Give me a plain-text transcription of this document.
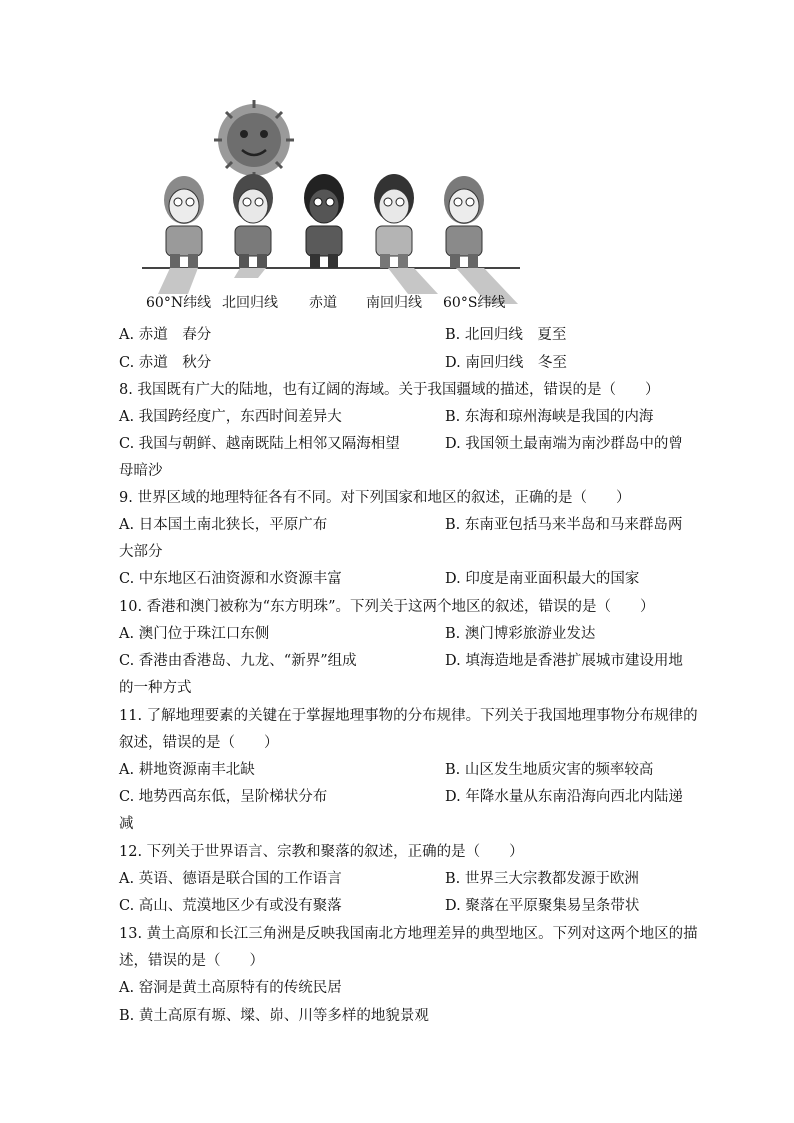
60°N纬线 北回归线 赤道 南回归线 60°S纬线
A. 赤道　春分	B. 北回归线　夏至
C. 赤道　秋分	D. 南回归线　冬至
8. 我国既有广大的陆地，也有辽阔的海域。关于我国疆域的描述，错误的是（　　）
A. 我国跨经度广，东西时间差异大	B. 东海和琼州海峡是我国的内海
C. 我国与朝鲜、越南既陆上相邻又隔海相望	D. 我国领土最南端为南沙群岛中的曾
母暗沙
9. 世界区域的地理特征各有不同。对下列国家和地区的叙述，正确的是（　　）
A. 日本国土南北狭长，平原广布	B. 东南亚包括马来半岛和马来群岛两
大部分
C. 中东地区石油资源和水资源丰富	D. 印度是南亚面积最大的国家
10. 香港和澳门被称为“东方明珠”。下列关于这两个地区的叙述，错误的是（　　）
A. 澳门位于珠江口东侧	B. 澳门博彩旅游业发达
C. 香港由香港岛、九龙、“新界”组成	D. 填海造地是香港扩展城市建设用地
的一种方式
11. 了解地理要素的关键在于掌握地理事物的分布规律。下列关于我国地理事物分布规律的
叙述，错误的是（　　）
A. 耕地资源南丰北缺	B. 山区发生地质灾害的频率较高
C. 地势西高东低，呈阶梯状分布	D. 年降水量从东南沿海向西北内陆递
减
12. 下列关于世界语言、宗教和聚落的叙述，正确的是（　　）
A. 英语、德语是联合国的工作语言	B. 世界三大宗教都发源于欧洲
C. 高山、荒漠地区少有或没有聚落	D. 聚落在平原聚集易呈条带状
13. 黄土高原和长江三角洲是反映我国南北方地理差异的典型地区。下列对这两个地区的描
述，错误的是（　　）
A. 窑洞是黄土高原特有的传统民居
B. 黄土高原有塬、墚、峁、川等多样的地貌景观
